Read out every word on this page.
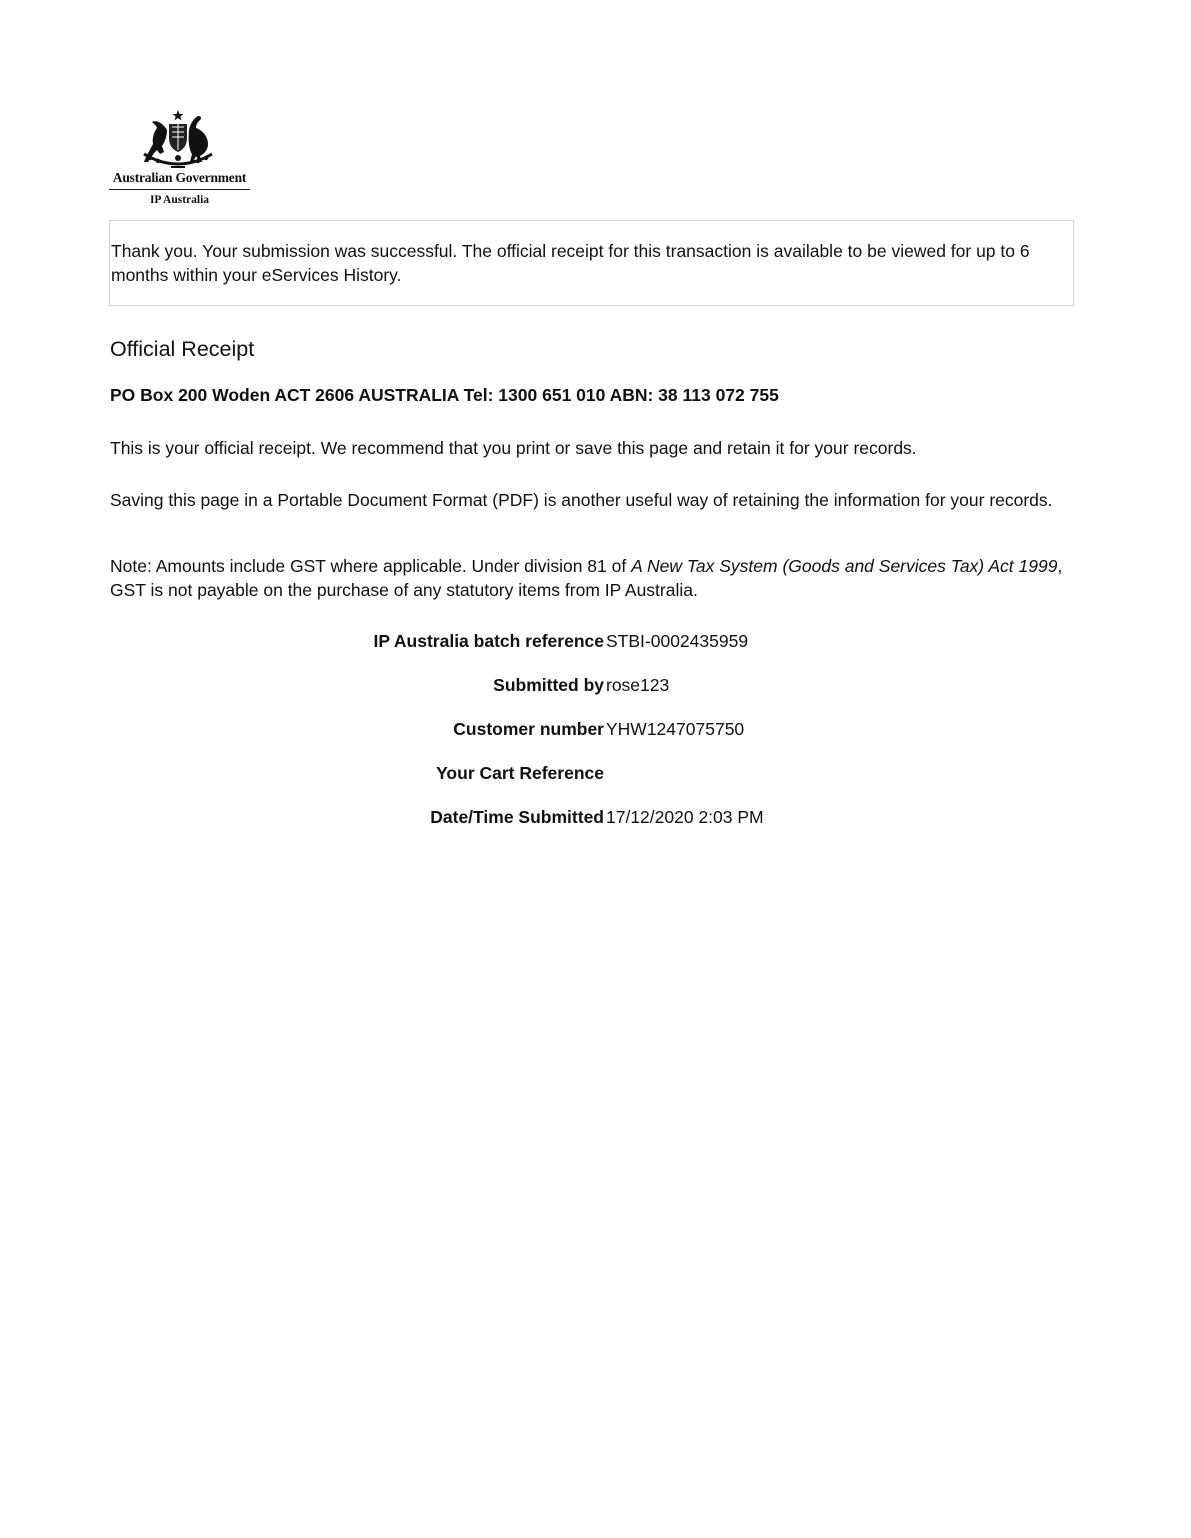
Australian Government
IP Australia
Thank you. Your submission was successful. The official receipt for this transaction is available to be viewed for up to 6 months within your eServices History.
Official Receipt
PO Box 200 Woden ACT 2606 AUSTRALIA Tel: 1300 651 010 ABN: 38 113 072 755
This is your official receipt. We recommend that you print or save this page and retain it for your records.
Saving this page in a Portable Document Format (PDF) is another useful way of retaining the information for your records.
Note: Amounts include GST where applicable. Under division 81 of A New Tax System (Goods and Services Tax) Act 1999, GST is not payable on the purchase of any statutory items from IP Australia.
IP Australia batch reference STBI-0002435959
Submitted by rose123
Customer number YHW1247075750
Your Cart Reference
Date/Time Submitted 17/12/2020 2:03 PM
